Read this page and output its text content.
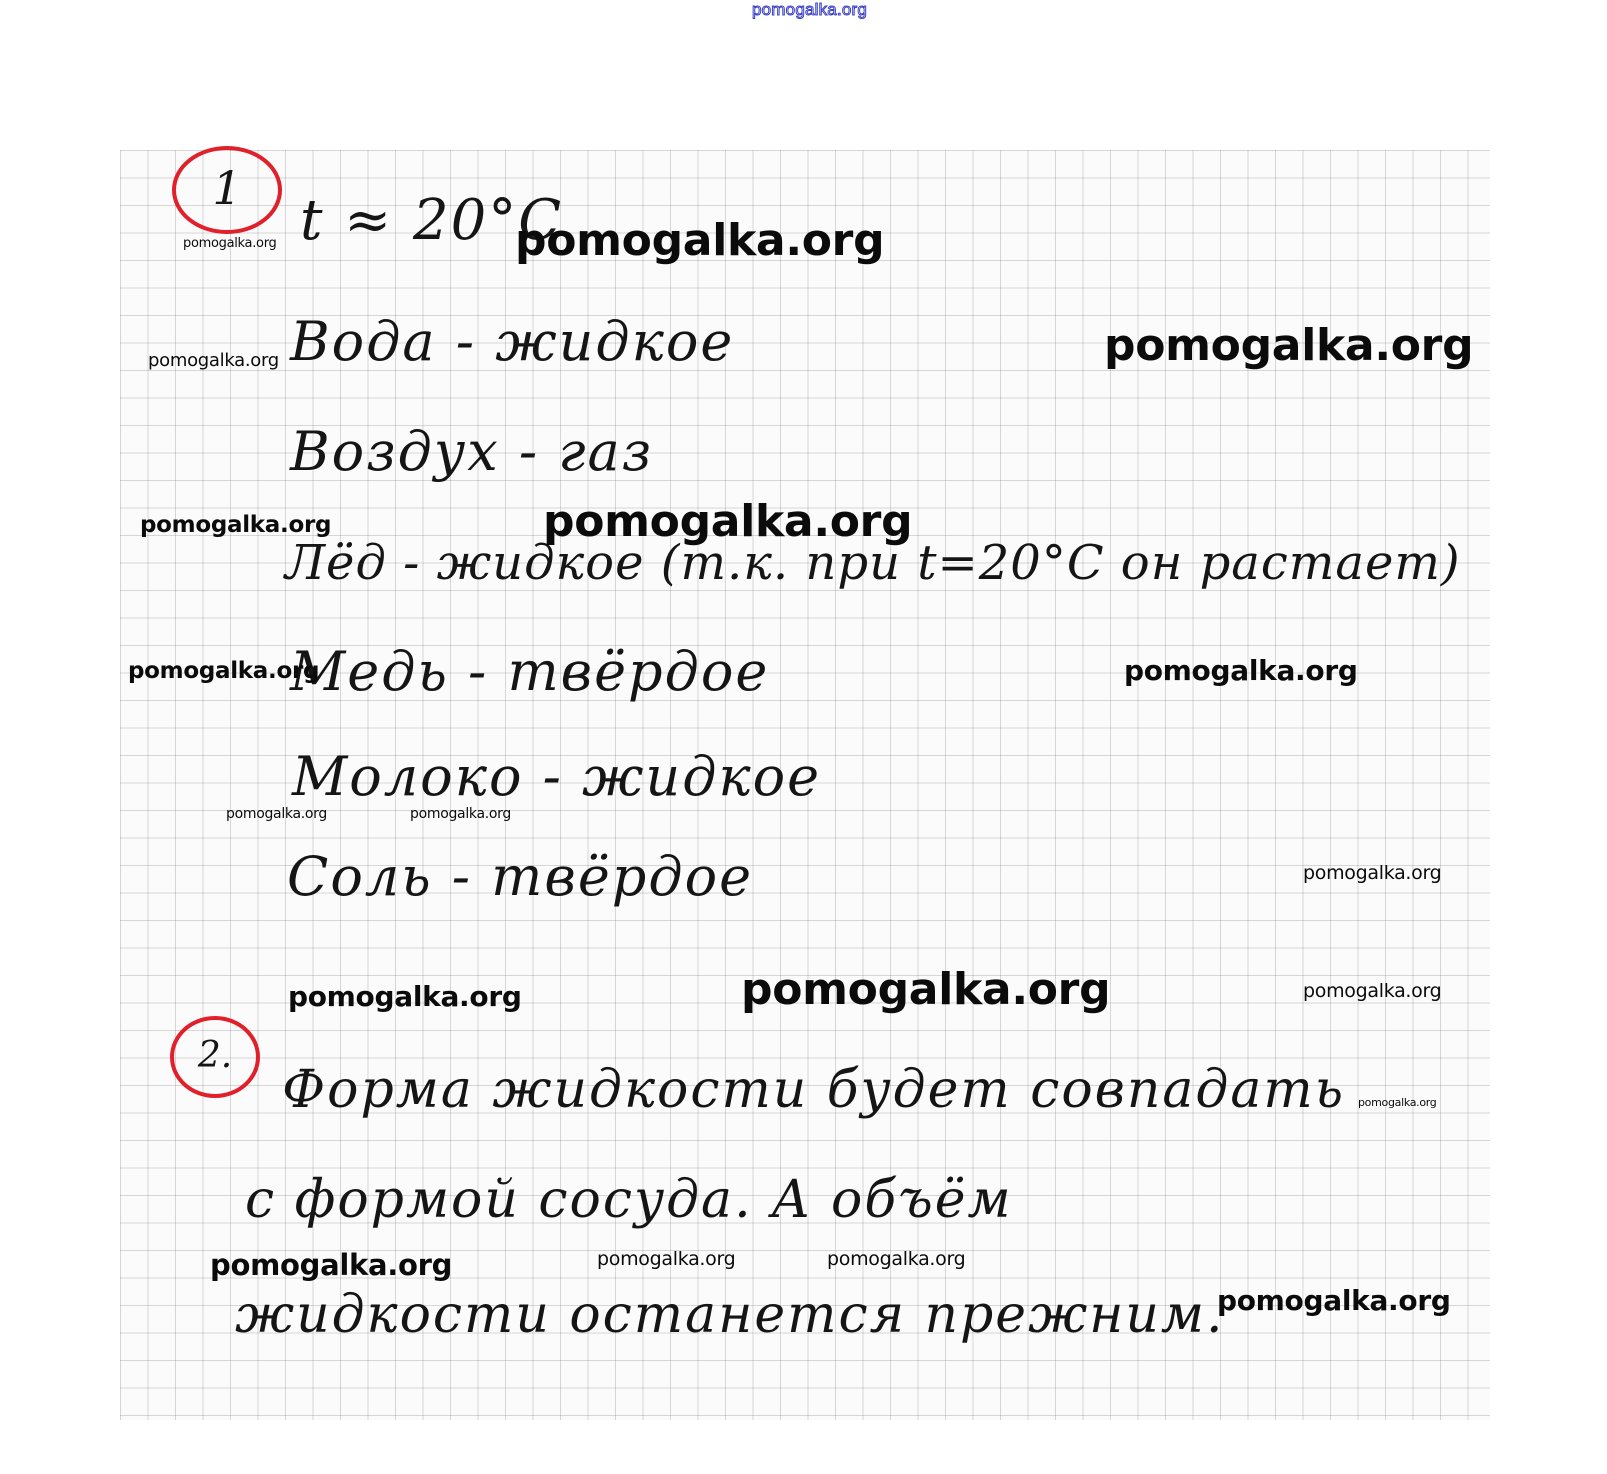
pomogalka.org
1
t ≈ 20°C
Вода - жидкое
Воздух - газ
Лёд - жидкое (т.к. при t=20°C он растает)
Медь - твёрдое
Молоко - жидкое
Соль - твёрдое
2.
Форма жидкости будет совпадать
с формой сосуда. А объём
жидкости останется прежним.
pomogalka.org	pomogalka.org
pomogalka.org	pomogalka.org
pomogalka.org	pomogalka.org
pomogalka.org	pomogalka.org
pomogalka.org	pomogalka.org
pomogalka.org
pomogalka.org	pomogalka.org	pomogalka.org
pomogalka.org
pomogalka.org	pomogalka.org	pomogalka.org
pomogalka.org
